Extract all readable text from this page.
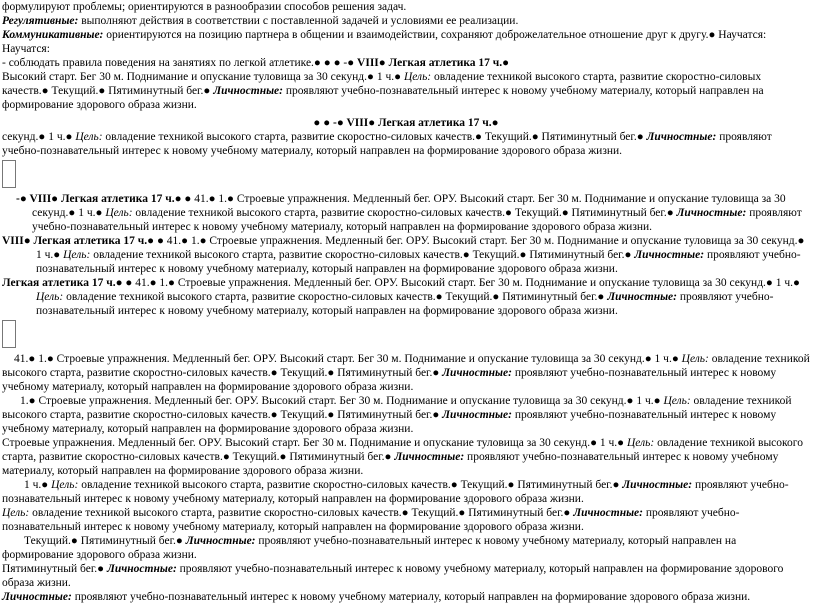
формулируют проблемы; ориентируются в разнообразии способов решения задач.

Регулятивные: выполняют действия в соответствии с поставленной задачей и условиями ее реализации.

Коммуникативные: ориентируются на позицию партнера в общении и взаимодействии, сохраняют доброжелательное отношение друг к другу.● Научатся:

Научатся:

- соблюдать правила поведения на занятиях по легкой атлетике.● ● ● -● VIII● Легкая атлетика 17 ч.●

Высокий старт. Бег 30 м. Поднимание и опускание туловища за 30 секунд.● 1 ч.● Цель: овладение техникой высокого старта, развитие скоростно-силовых

качеств.● Текущий.● Пятиминутный бег.● Личностные: проявляют учебно-познавательный интерес к новому учебному материалу, который направлен на

формирование здорового образа жизни.

● ● -● VIII● Легкая атлетика 17 ч.●

секунд.● 1 ч.● Цель: овладение техникой высокого старта, развитие скоростно-силовых качеств.● Текущий.● Пятиминутный бег.● Личностные: проявляют учебно-познавательный интерес к новому учебному материалу, который направлен на формирование здорового образа жизни.

-● VIII● Легкая атлетика 17 ч.● ● 41.● 1.● Строевые упражнения. Медленный бег. ОРУ. Высокий старт. Бег 30 м. Поднимание и опускание туловища за 30 секунд.● 1 ч.● Цель: овладение техникой высокого старта, развитие скоростно-силовых качеств.● Текущий.● Пятиминутный бег.● Личностные: проявляют учебно-познавательный интерес к новому учебному материалу, который направлен на формирование здорового образа жизни.

VIII● Легкая атлетика 17 ч.● ● 41.● 1.● Строевые упражнения. Медленный бег. ОРУ. Высокий старт. Бег 30 м. Поднимание и опускание туловища за 30 секунд.● 1 ч.● Цель: овладение техникой высокого старта, развитие скоростно-силовых качеств.● Текущий.● Пятиминутный бег.● Личностные: проявляют учебно-познавательный интерес к новому учебному материалу, который направлен на формирование здорового образа жизни.

Легкая атлетика 17 ч.● ● 41.● 1.● Строевые упражнения. Медленный бег. ОРУ. Высокий старт. Бег 30 м. Поднимание и опускание туловища за 30 секунд.● 1 ч.● Цель: овладение техникой высокого старта, развитие скоростно-силовых качеств.● Текущий.● Пятиминутный бег.● Личностные: проявляют учебно-познавательный интерес к новому учебному материалу, который направлен на формирование здорового образа жизни.

41.● 1.● Строевые упражнения. Медленный бег. ОРУ. Высокий старт. Бег 30 м. Поднимание и опускание туловища за 30 секунд.● 1 ч.● Цель: овладение техникой высокого старта, развитие скоростно-силовых качеств.● Текущий.● Пятиминутный бег.● Личностные: проявляют учебно-познавательный интерес к новому учебному материалу, который направлен на формирование здорового образа жизни.

1.● Строевые упражнения. Медленный бег. ОРУ. Высокий старт. Бег 30 м. Поднимание и опускание туловища за 30 секунд.● 1 ч.● Цель: овладение техникой высокого старта, развитие скоростно-силовых качеств.● Текущий.● Пятиминутный бег.● Личностные: проявляют учебно-познавательный интерес к новому учебному материалу, который направлен на формирование здорового образа жизни.

Строевые упражнения. Медленный бег. ОРУ. Высокий старт. Бег 30 м. Поднимание и опускание туловища за 30 секунд.● 1 ч.● Цель: овладение техникой высокого старта, развитие скоростно-силовых качеств.● Текущий.● Пятиминутный бег.● Личностные: проявляют учебно-познавательный интерес к новому учебному материалу, который направлен на формирование здорового образа жизни.

1 ч.● Цель: овладение техникой высокого старта, развитие скоростно-силовых качеств.● Текущий.● Пятиминутный бег.● Личностные: проявляют учебно-познавательный интерес к новому учебному материалу, который направлен на формирование здорового образа жизни.

Цель: овладение техникой высокого старта, развитие скоростно-силовых качеств.● Текущий.● Пятиминутный бег.● Личностные: проявляют учебно-познавательный интерес к новому учебному материалу, который направлен на формирование здорового образа жизни.

Текущий.● Пятиминутный бег.● Личностные: проявляют учебно-познавательный интерес к новому учебному материалу, который направлен на формирование здорового образа жизни.

Пятиминутный бег.● Личностные: проявляют учебно-познавательный интерес к новому учебному материалу, который направлен на формирование здорового образа жизни.

Личностные: проявляют учебно-познавательный интерес к новому учебному материалу, который направлен на формирование здорового образа жизни.
